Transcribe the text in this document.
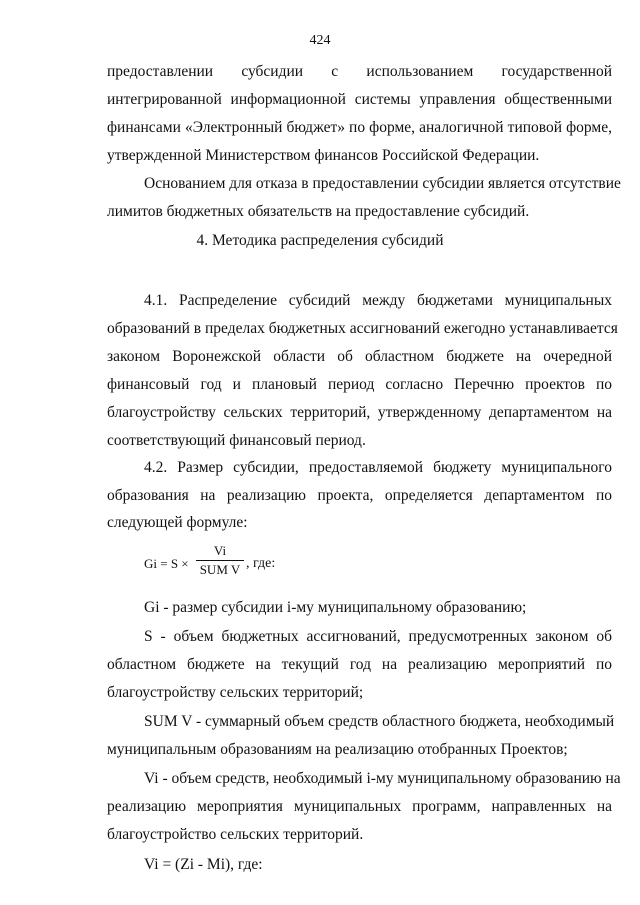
424
предоставлении субсидии с использованием государственной
интегрированной информационной системы управления общественными
финансами «Электронный бюджет» по форме, аналогичной типовой форме,
утвержденной Министерством финансов Российской Федерации.
Основанием для отказа в предоставлении субсидии является отсутствие
лимитов бюджетных обязательств на предоставление субсидий.
4. Методика распределения субсидий
4.1. Распределение субсидий между бюджетами муниципальных
образований в пределах бюджетных ассигнований ежегодно устанавливается
законом Воронежской области об областном бюджете на очередной
финансовый год и плановый период согласно Перечню проектов по
благоустройству сельских территорий, утвержденному департаментом на
соответствующий финансовый период.
4.2. Размер субсидии, предоставляемой бюджету муниципального
образования на реализацию проекта, определяется департаментом по
следующей формуле:
Gi = S ×
Vi
SUM V , где:
Gi - размер субсидии i-му муниципальному образованию;
S - объем бюджетных ассигнований, предусмотренных законом об
областном бюджете на текущий год на реализацию мероприятий по
благоустройству сельских территорий;
SUM V - суммарный объем средств областного бюджета, необходимый
муниципальным образованиям на реализацию отобранных Проектов;
Vi - объем средств, необходимый i-му муниципальному образованию на
реализацию мероприятия муниципальных программ, направленных на
благоустройство сельских территорий.
Vi = (Zi - Mi), где:
